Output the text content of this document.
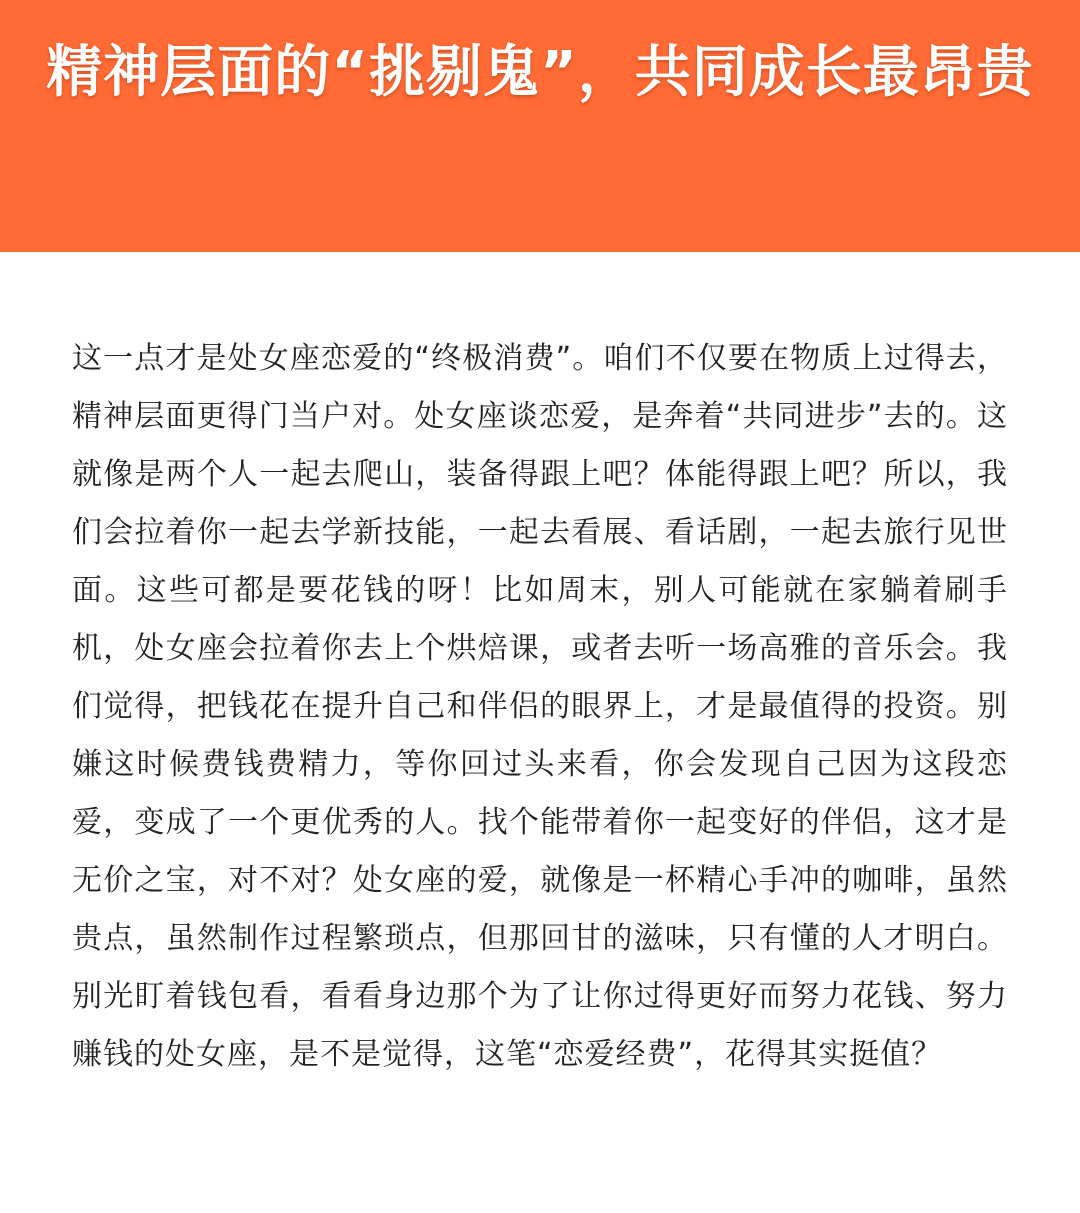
精神层面的“挑剔鬼”，共同成长最昂贵

这一点才是处女座恋爱的“终极消费”。咱们不仅要在物质上过得去，精神层面更得门当户对。处女座谈恋爱，是奔着“共同进步”去的。这就像是两个人一起去爬山，装备得跟上吧？体能得跟上吧？所以，我们会拉着你一起去学新技能，一起去看展、看话剧，一起去旅行见世面。这些可都是要花钱的呀！比如周末，别人可能就在家躺着刷手机，处女座会拉着你去上个烘焙课，或者去听一场高雅的音乐会。我们觉得，把钱花在提升自己和伴侣的眼界上，才是最值得的投资。别嫌这时候费钱费精力，等你回过头来看，你会发现自己因为这段恋爱，变成了一个更优秀的人。找个能带着你一起变好的伴侣，这才是无价之宝，对不对？处女座的爱，就像是一杯精心手冲的咖啡，虽然贵点，虽然制作过程繁琐点，但那回甘的滋味，只有懂的人才明白。别光盯着钱包看，看看身边那个为了让你过得更好而努力花钱、努力赚钱的处女座，是不是觉得，这笔“恋爱经费”，花得其实挺值？
